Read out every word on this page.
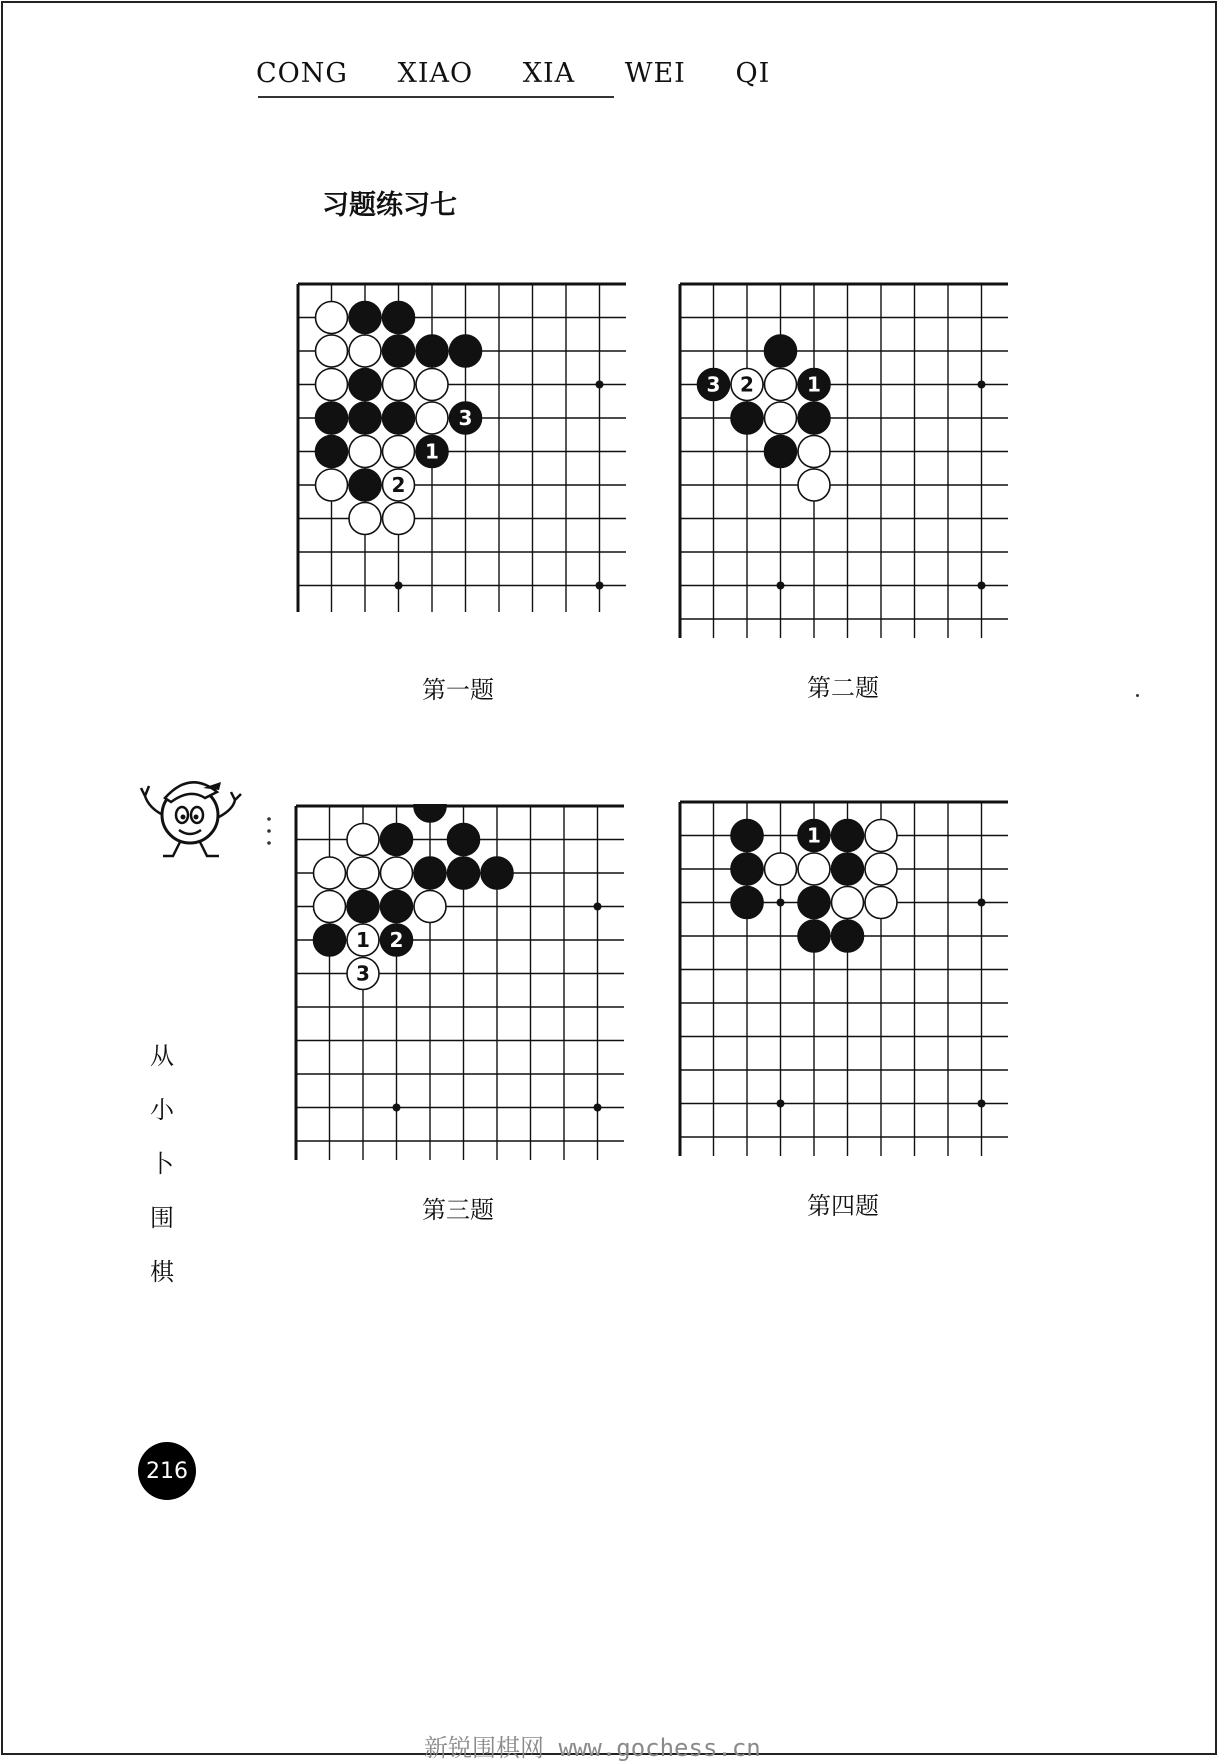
CONG XIAO XIA WEI QI
习题练习七
3
1
2
3 2	1
1 2
3
1
第一题	第二题
第三题	第四题
从
小
卜
围
棋
216
新锐围棋网 www.gochess.cn
